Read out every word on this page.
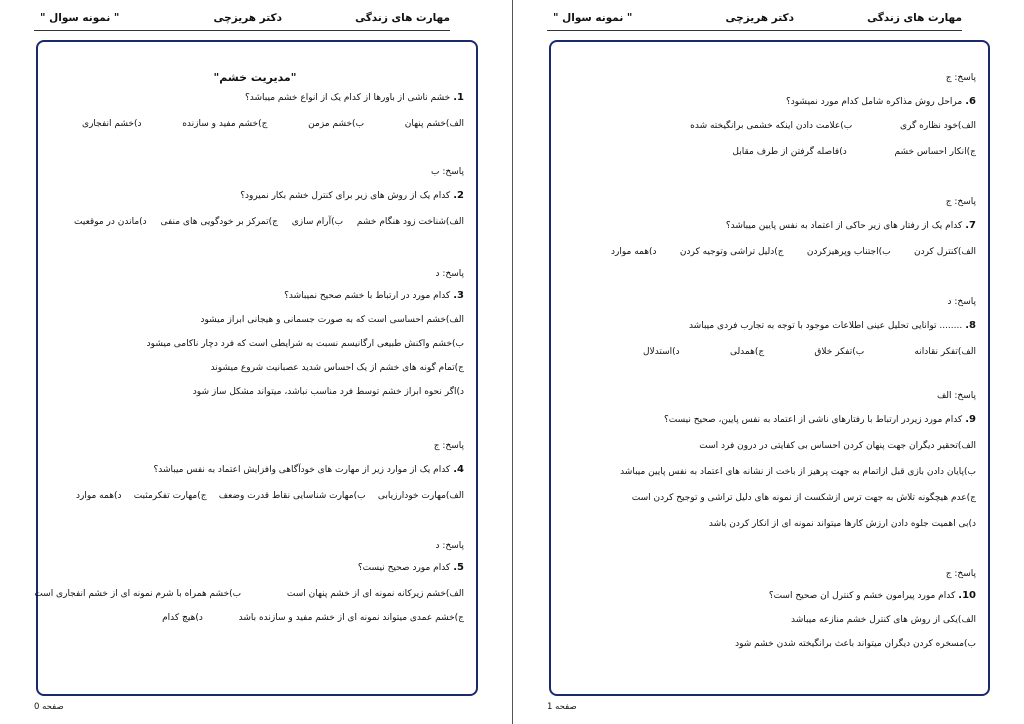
مهارت های زندگی
دکتر هریزچی
" نمونه سوال "
"مدیریت خشم"
1.خشم ناشی از باورها از کدام یک از انواع خشم میباشد؟
الف)خشم پنهان
ب)خشم مزمن
ج)خشم مفید و سازنده
د)خشم انفجاری
پاسخ: ب
2.کدام یک از روش های زیر برای کنترل خشم بکار نمیرود؟
الف)شناخت زود هنگام خشم
ب)آرام سازی
ج)تمرکز بر خودگویی های منفی
د)ماندن در موقعیت
پاسخ: د
3.کدام مورد در ارتباط با خشم صحیح نمیباشد؟
الف)خشم احساسی است که به صورت جسمانی و هیجانی ابراز میشود
ب)خشم واکنش طبیعی ارگانیسم نسبت به شرایطی است که فرد دچار ناکامی میشود
ج)تمام گونه های خشم از یک احساس شدید عصبانیت شروع میشوند
د)اگر نحوه ابراز خشم توسط فرد مناسب نباشد، میتواند مشکل ساز شود
پاسخ: ج
4.کدام یک از موارد زیر از مهارت های خودآگاهی وافزایش اعتماد به نفس میباشد؟
الف)مهارت خودارزیابی
ب)مهارت شناسایی نقاط قدرت وضعف
ج)مهارت تفکرمثبت
د)همه موارد
پاسخ: د
5.کدام مورد صحیح نیست؟
الف)خشم زیرکانه نمونه ای از خشم پنهان است  ب)خشم همراه با شرم نمونه ای از خشم انفجاری است
ج)خشم عمدی میتواند نمونه ای از خشم مفید و سازنده باشد  د)هیچ کدام
صفحه 0
مهارت های زندگی
دکتر هریزچی
" نمونه سوال "
پاسخ: ج
6.مراحل روش مذاکره شامل کدام مورد نمیشود؟
الف)خود نظاره گری  ب)علامت دادن اینکه خشمی برانگیخته شده
ج)انکار احساس خشم  د)فاصله گرفتن از طرف مقابل
پاسخ: ج
7.کدام یک از رفتار های زیر حاکی از اعتماد به نفس پایین میباشد؟
الف)کنترل کردن
ب)اجتناب وپرهیزکردن
ج)دلیل تراشی وتوجیه کردن
د)همه موارد
پاسخ: د
8......... توانایی تحلیل عینی اطلاعات موجود با توجه به تجارب فردی میباشد
الف)تفکر نقادانه
ب)تفکر خلاق
ج)همدلی
د)استدلال
پاسخ: الف
9.کدام مورد زیردر ارتباط با رفتارهای ناشی از اعتماد به نفس پایین، صحیح نیست؟
الف)تحقیر دیگران جهت پنهان کردن احساس بی کفایتی در درون فرد است
ب)پایان دادن بازی قبل ازاتمام به جهت پرهیز از باخت از نشانه های اعتماد به نفس پایین میباشد
ج)عدم هیچگونه تلاش به جهت ترس ازشکست از نمونه های دلیل تراشی و توجیح کردن است
د)بی اهمیت جلوه دادن ارزش کارها میتواند نمونه ای از انکار کردن باشد
پاسخ: ج
10.کدام مورد پیرامون خشم و کنترل ان صحیح است؟
الف)یکی از روش های کنترل خشم منازعه میباشد
ب)مسخره کردن دیگران میتواند باعث برانگیخته شدن خشم شود
صفحه 1
